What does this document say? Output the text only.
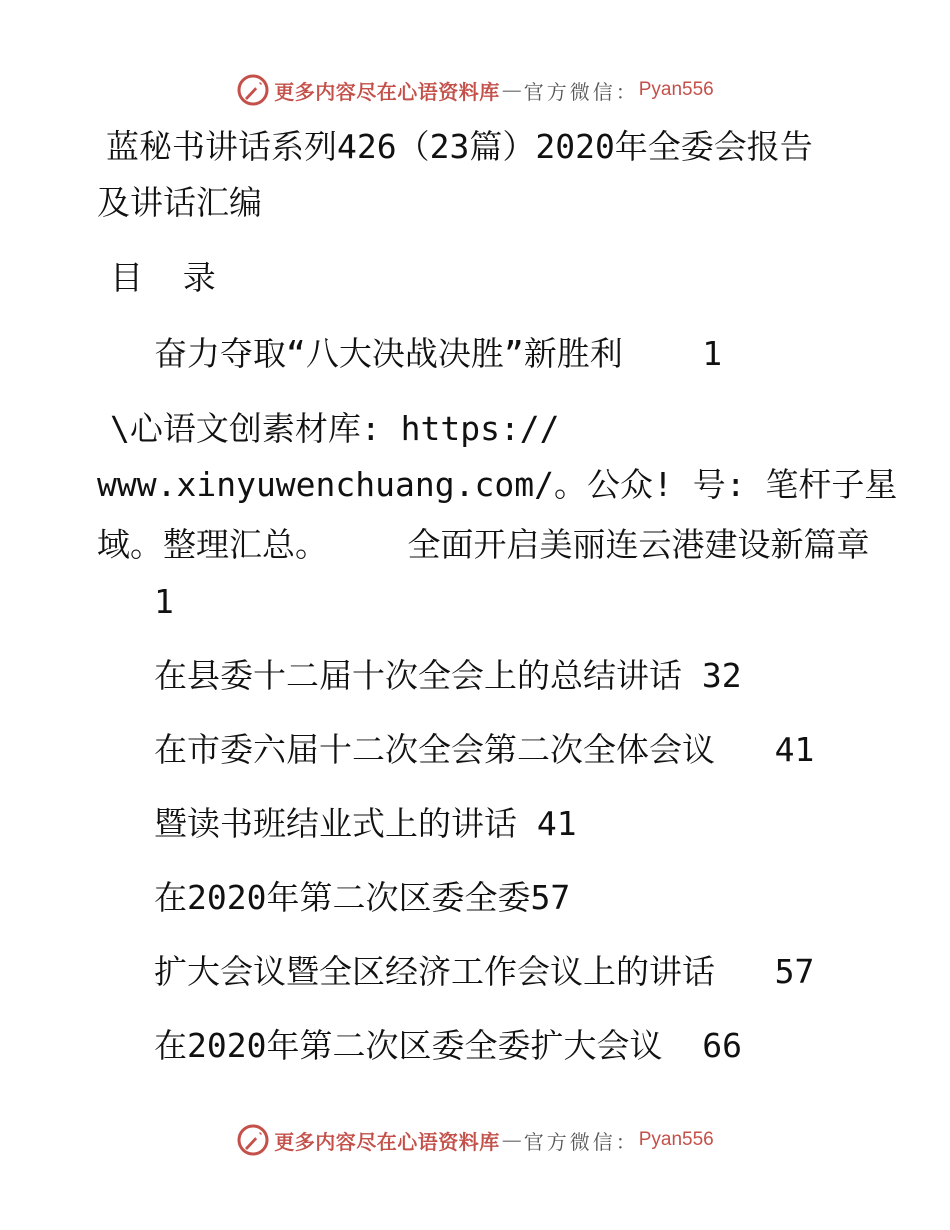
更多内容尽在心语资料库 — 官方微信： Pyan556
蓝秘书讲话系列426（23篇）2020年全委会报告
及讲话汇编
目  录
奋力夺取“八大决战决胜”新胜利    1
\心语文创素材库: https://
www.xinyuwenchuang.com/。公众! 号: 笔杆子星
域。整理汇总。    全面开启美丽连云港建设新篇章
1
在县委十二届十次全会上的总结讲话 32
在市委六届十二次全会第二次全体会议   41
暨读书班结业式上的讲话 41
在2020年第二次区委全委57
扩大会议暨全区经济工作会议上的讲话   57
在2020年第二次区委全委扩大会议  66
更多内容尽在心语资料库 — 官方微信： Pyan556
